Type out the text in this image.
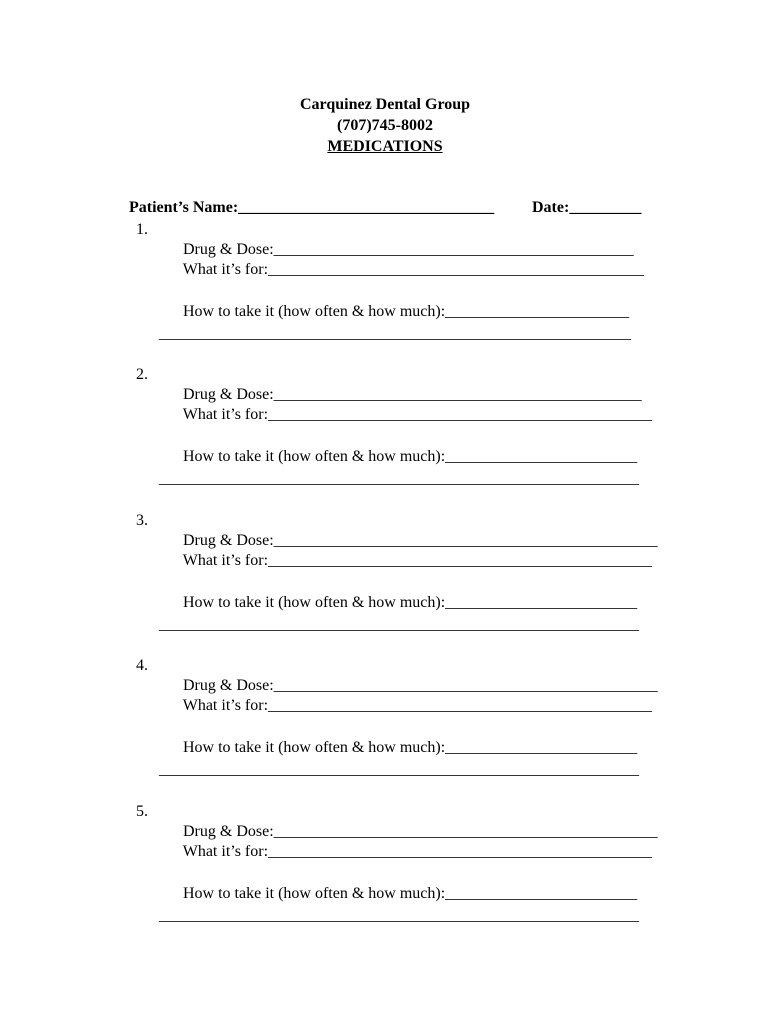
Carquinez Dental Group
(707)745-8002
MEDICATIONS

Patient’s Name:________________________________
	Date:_________

1.

Drug & Dose:_____________________________________________

What it’s for:_______________________________________________

How to take it (how often & how much):_______________________

___________________________________________________________
2.

Drug & Dose:______________________________________________

What it’s for:________________________________________________

How to take it (how often & how much):________________________

____________________________________________________________
3.

Drug & Dose:________________________________________________

What it’s for:________________________________________________

How to take it (how often & how much):________________________

____________________________________________________________
4.

Drug & Dose:________________________________________________

What it’s for:________________________________________________

How to take it (how often & how much):________________________

____________________________________________________________
5.

Drug & Dose:________________________________________________

What it’s for:________________________________________________

How to take it (how often & how much):________________________

____________________________________________________________
